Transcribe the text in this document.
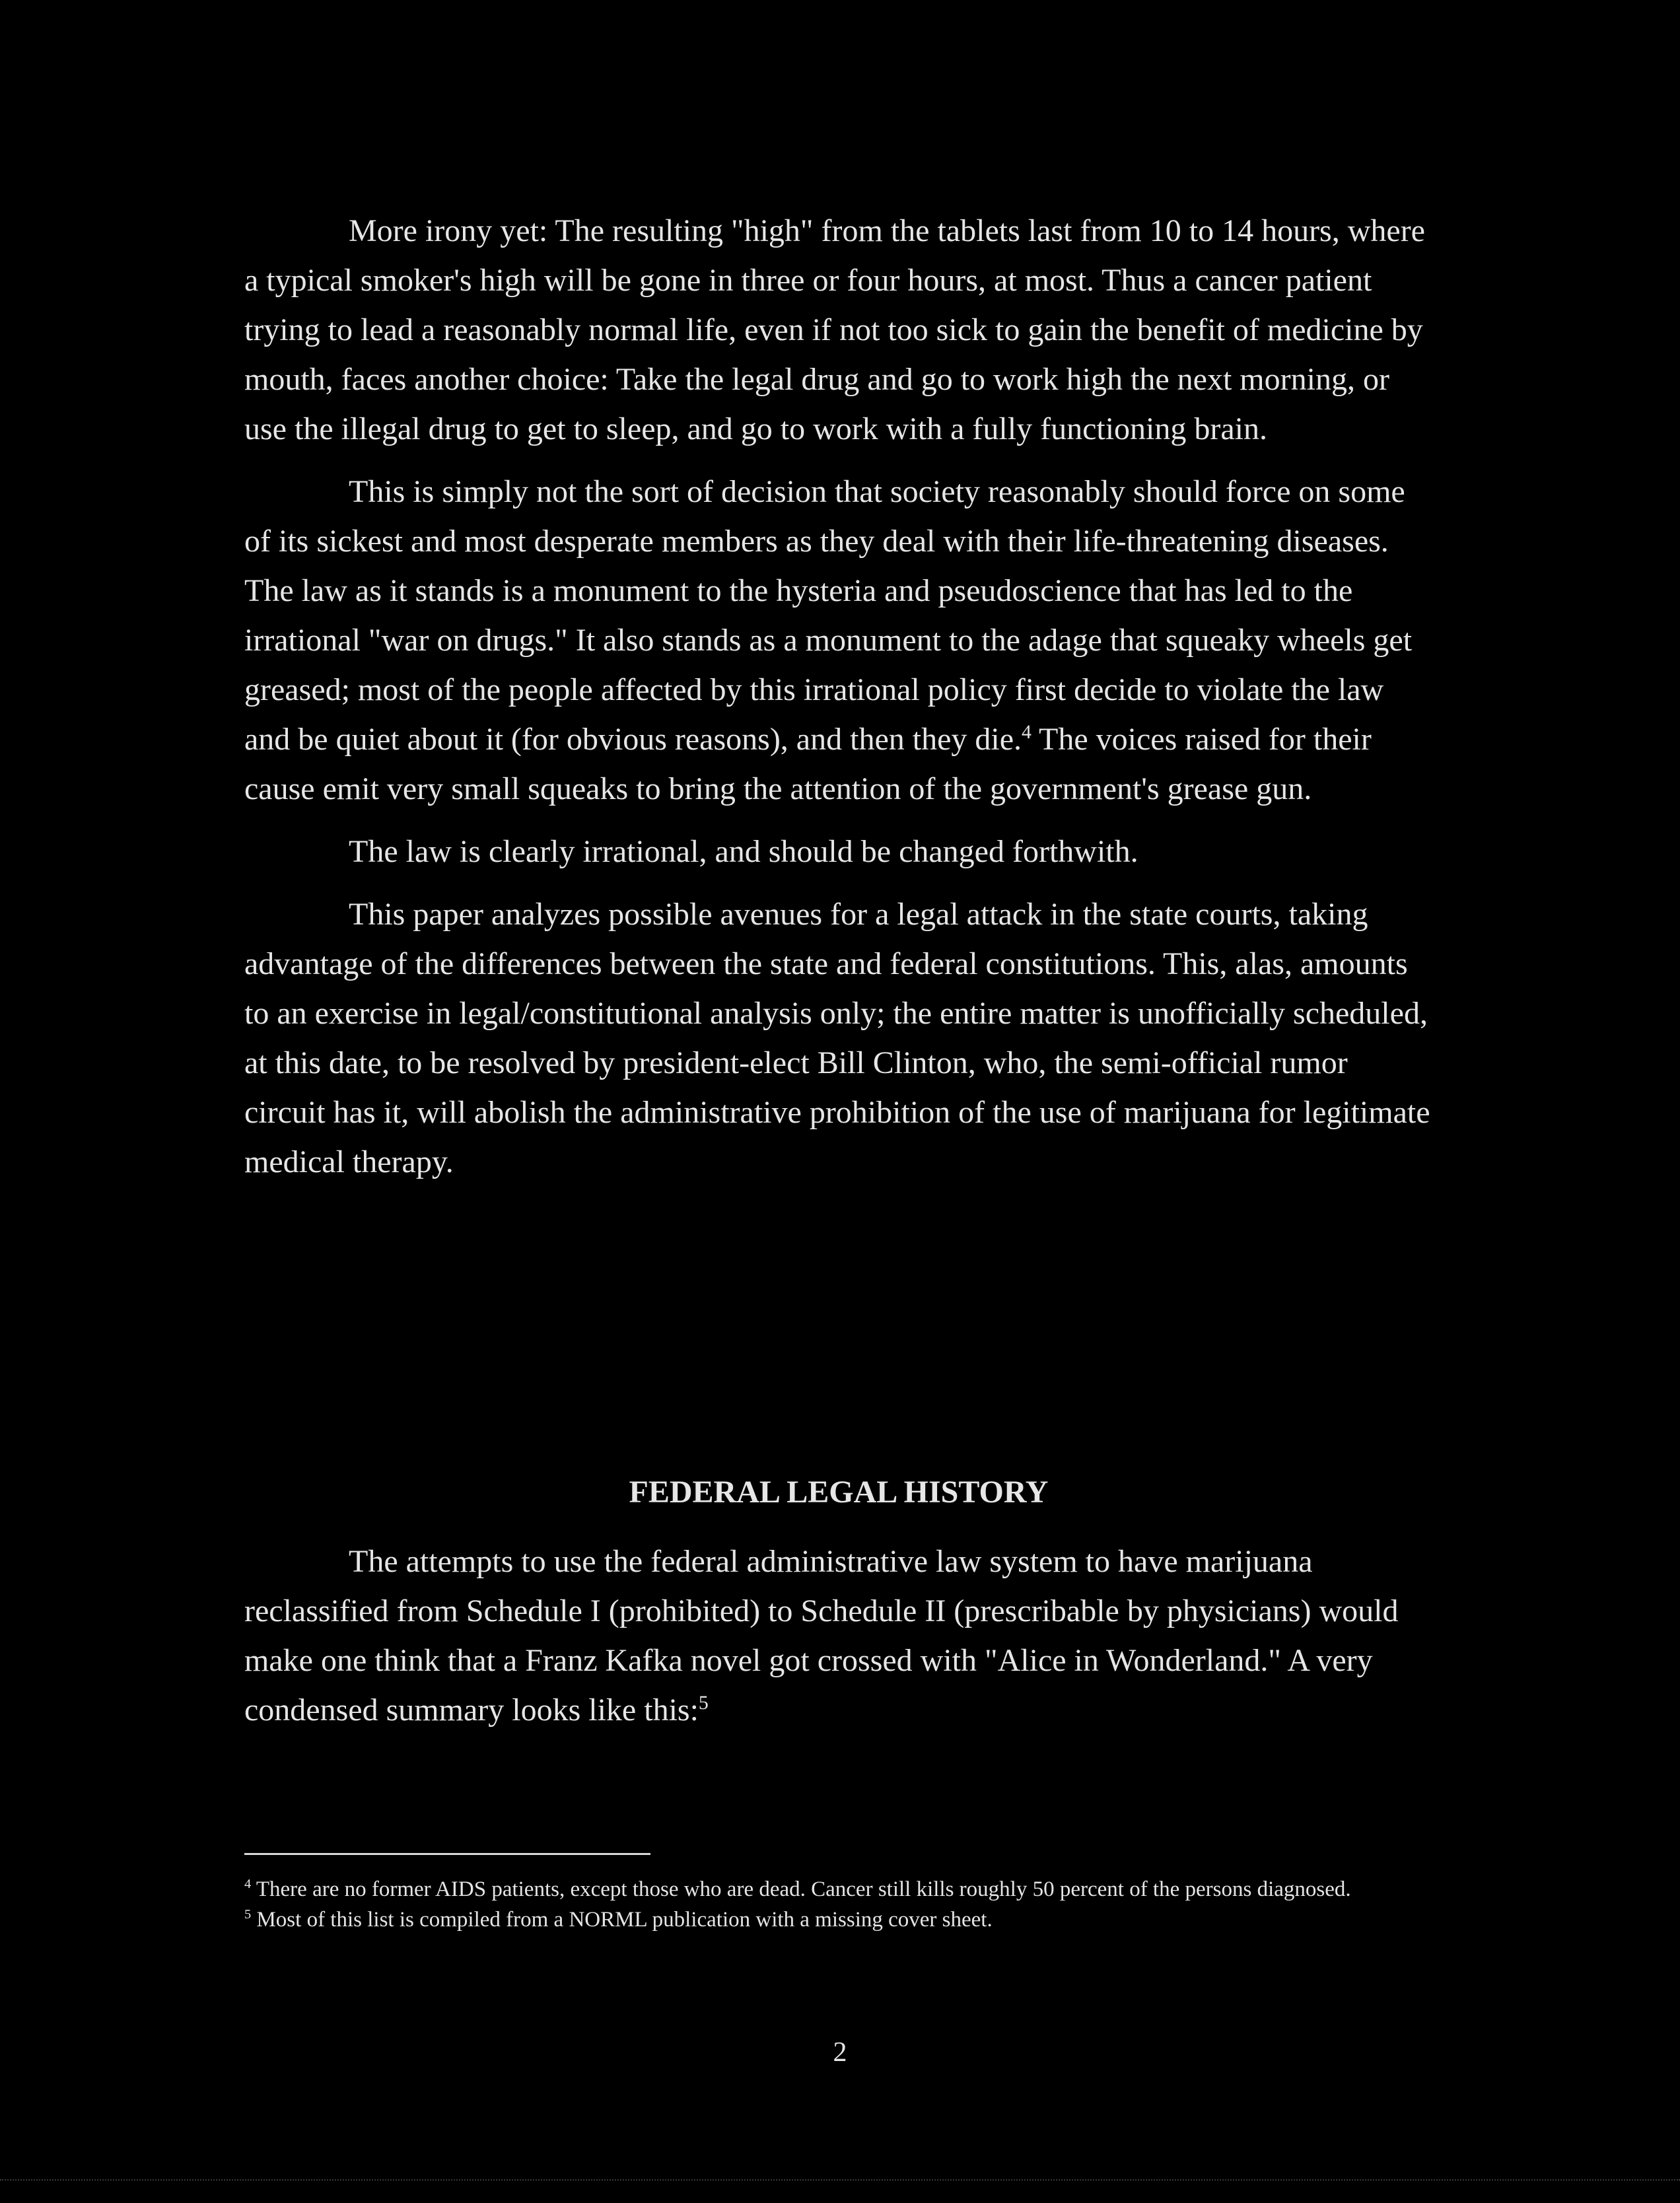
More irony yet: The resulting "high" from the tablets last from 10 to 14 hours, where a typical smoker's high will be gone in three or four hours, at most. Thus a cancer patient trying to lead a reasonably normal life, even if not too sick to gain the benefit of medicine by mouth, faces another choice: Take the legal drug and go to work high the next morning, or use the illegal drug to get to sleep, and go to work with a fully functioning brain.

This is simply not the sort of decision that society reasonably should force on some of its sickest and most desperate members as they deal with their life-threatening diseases. The law as it stands is a monument to the hysteria and pseudoscience that has led to the irrational "war on drugs." It also stands as a monument to the adage that squeaky wheels get greased; most of the people affected by this irrational policy first decide to violate the law and be quiet about it (for obvious reasons), and then they die.$^4$ The voices raised for their cause emit very small squeaks to bring the attention of the government's grease gun.

The law is clearly irrational, and should be changed forthwith.

This paper analyzes possible avenues for a legal attack in the state courts, taking advantage of the differences between the state and federal constitutions. This, alas, amounts to an exercise in legal/constitutional analysis only; the entire matter is unofficially scheduled, at this date, to be resolved by president-elect Bill Clinton, who, the semi-official rumor circuit has it, will abolish the administrative prohibition of the use of marijuana for legitimate medical therapy.

FEDERAL LEGAL HISTORY

The attempts to use the federal administrative law system to have marijuana reclassified from Schedule I (prohibited) to Schedule II (prescribable by physicians) would make one think that a Franz Kafka novel got crossed with "Alice in Wonderland." A very condensed summary looks like this:$^5$

$^4$ There are no former AIDS patients, except those who are dead. Cancer still kills roughly 50 percent of the persons diagnosed.

$^5$ Most of this list is compiled from a NORML publication with a missing cover sheet.

2
